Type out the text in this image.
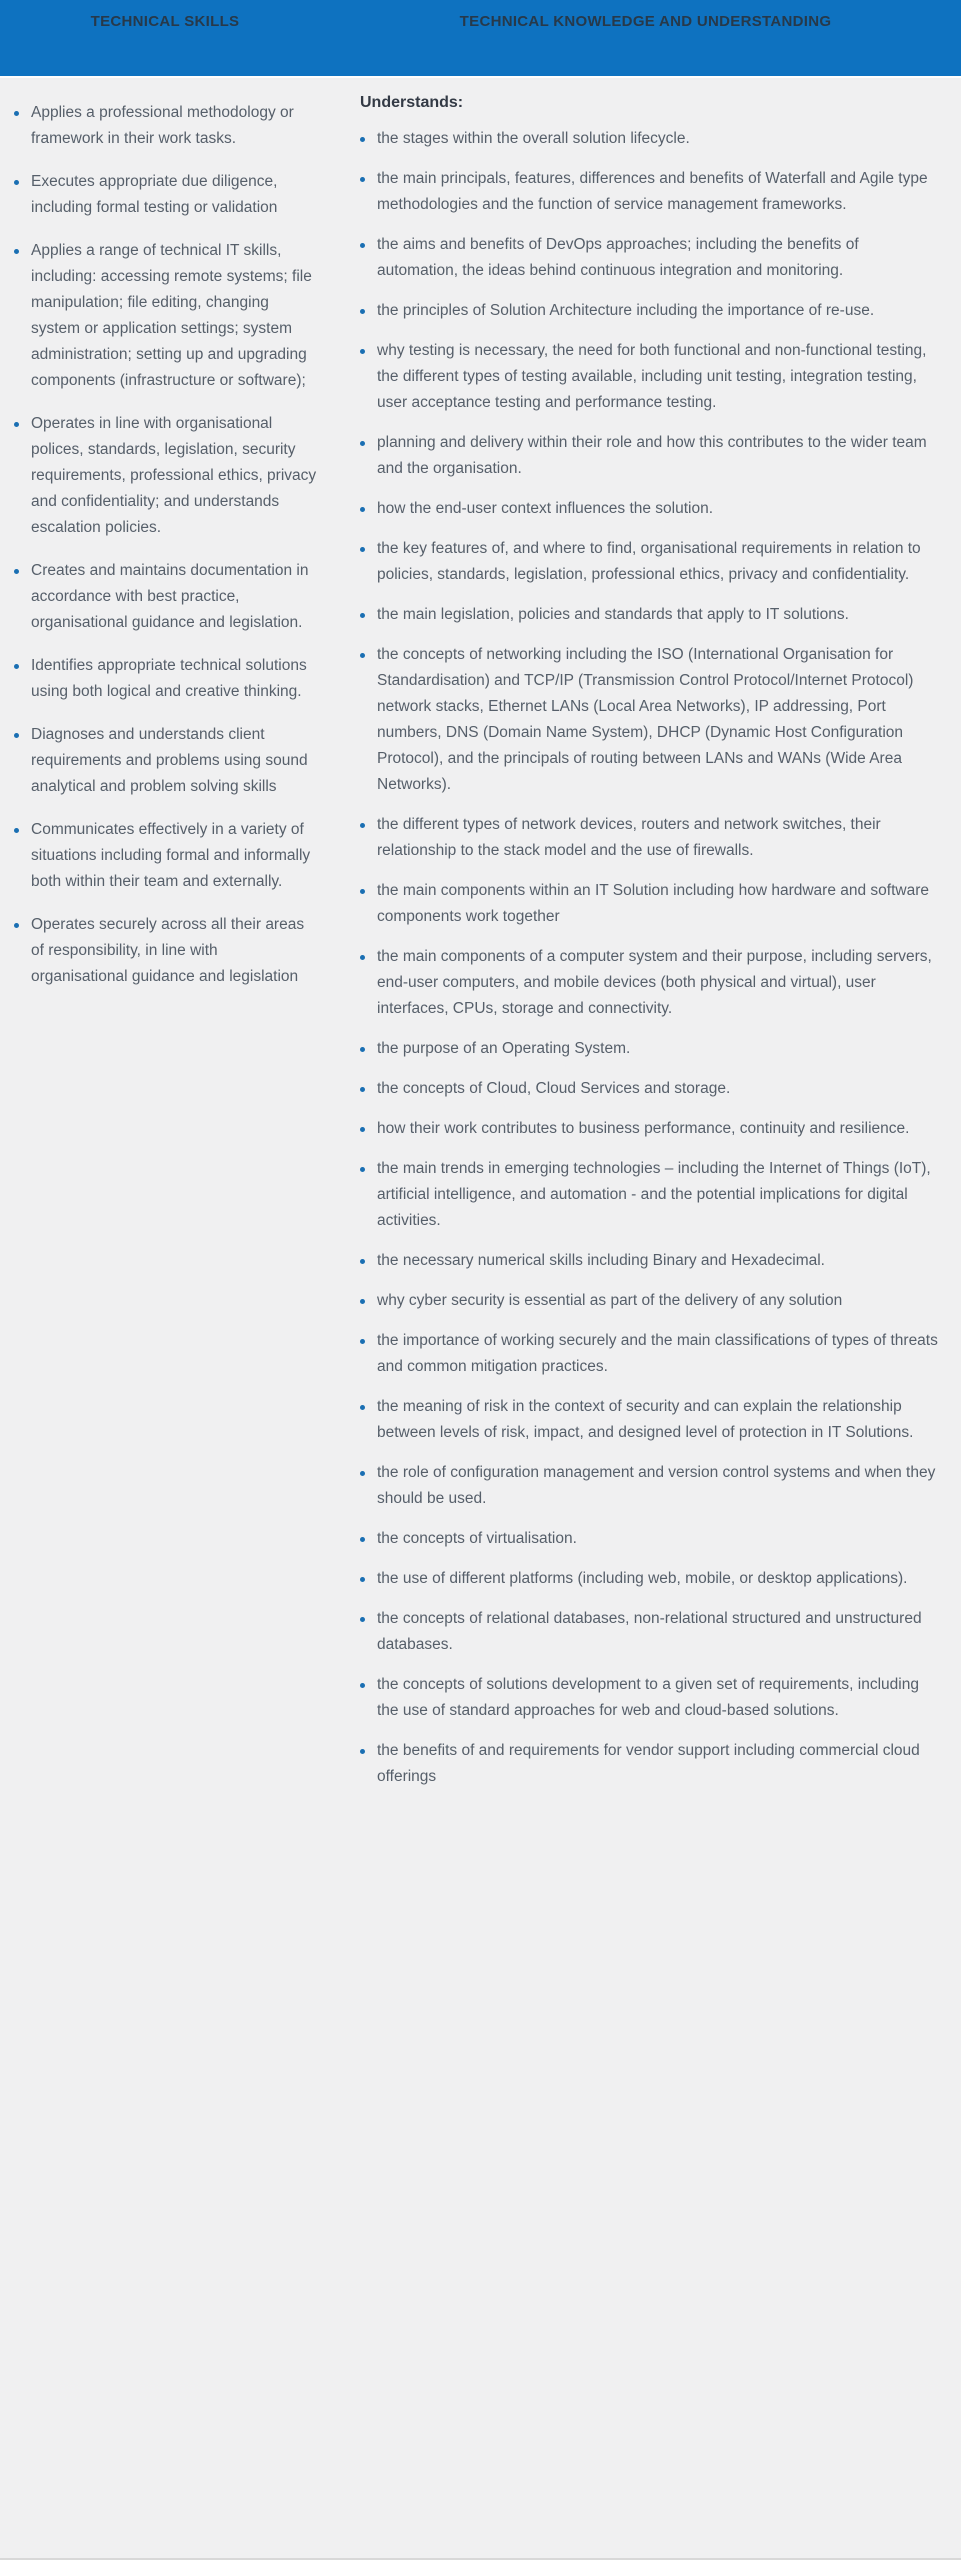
TECHNICAL SKILLS	TECHNICAL KNOWLEDGE AND UNDERSTANDING
Applies a professional methodology or framework in their work tasks.
Executes appropriate due diligence, including formal testing or validation
Applies a range of technical IT skills, including: accessing remote systems; file manipulation; file editing, changing system or application settings; system administration; setting up and upgrading components (infrastructure or software);
Operates in line with organisational polices, standards, legislation, security requirements, professional ethics, privacy and confidentiality; and understands escalation policies.
Creates and maintains documentation in accordance with best practice, organisational guidance and legislation.
Identifies appropriate technical solutions using both logical and creative thinking.
Diagnoses and understands client requirements and problems using sound analytical and problem solving skills
Communicates effectively in a variety of situations including formal and informally both within their team and externally.
Operates securely across all their areas of responsibility, in line with organisational guidance and legislation

Understands:

the stages within the overall solution lifecycle.
the main principals, features, differences and benefits of Waterfall and Agile type methodologies and the function of service management frameworks.
the aims and benefits of DevOps approaches; including the benefits of automation, the ideas behind continuous integration and monitoring.
the principles of Solution Architecture including the importance of re-use.
why testing is necessary, the need for both functional and non-functional testing, the different types of testing available, including unit testing, integration testing, user acceptance testing and performance testing.
planning and delivery within their role and how this contributes to the wider team and the organisation.
how the end-user context influences the solution.
the key features of, and where to find, organisational requirements in relation to policies, standards, legislation, professional ethics, privacy and confidentiality.
the main legislation, policies and standards that apply to IT solutions.
the concepts of networking including the ISO (International Organisation for Standardisation) and TCP/IP (Transmission Control Protocol/Internet Protocol) network stacks, Ethernet LANs (Local Area Networks), IP addressing, Port numbers, DNS (Domain Name System), DHCP (Dynamic Host Configuration Protocol), and the principals of routing between LANs and WANs (Wide Area Networks).
the different types of network devices, routers and network switches, their relationship to the stack model and the use of firewalls.
the main components within an IT Solution including how hardware and software components work together
the main components of a computer system and their purpose, including servers, end-user computers, and mobile devices (both physical and virtual), user interfaces, CPUs, storage and connectivity.
the purpose of an Operating System.
the concepts of Cloud, Cloud Services and storage.
how their work contributes to business performance, continuity and resilience.
the main trends in emerging technologies – including the Internet of Things (IoT), artificial intelligence, and automation - and the potential implications for digital activities.
the necessary numerical skills including Binary and Hexadecimal.
why cyber security is essential as part of the delivery of any solution
the importance of working securely and the main classifications of types of threats and common mitigation practices.
the meaning of risk in the context of security and can explain the relationship between levels of risk, impact, and designed level of protection in IT Solutions.
the role of configuration management and version control systems and when they should be used.
the concepts of virtualisation.
the use of different platforms (including web, mobile, or desktop applications).
the concepts of relational databases, non-relational structured and unstructured databases.
the concepts of solutions development to a given set of requirements, including the use of standard approaches for web and cloud-based solutions.
the benefits of and requirements for vendor support including commercial cloud offerings
